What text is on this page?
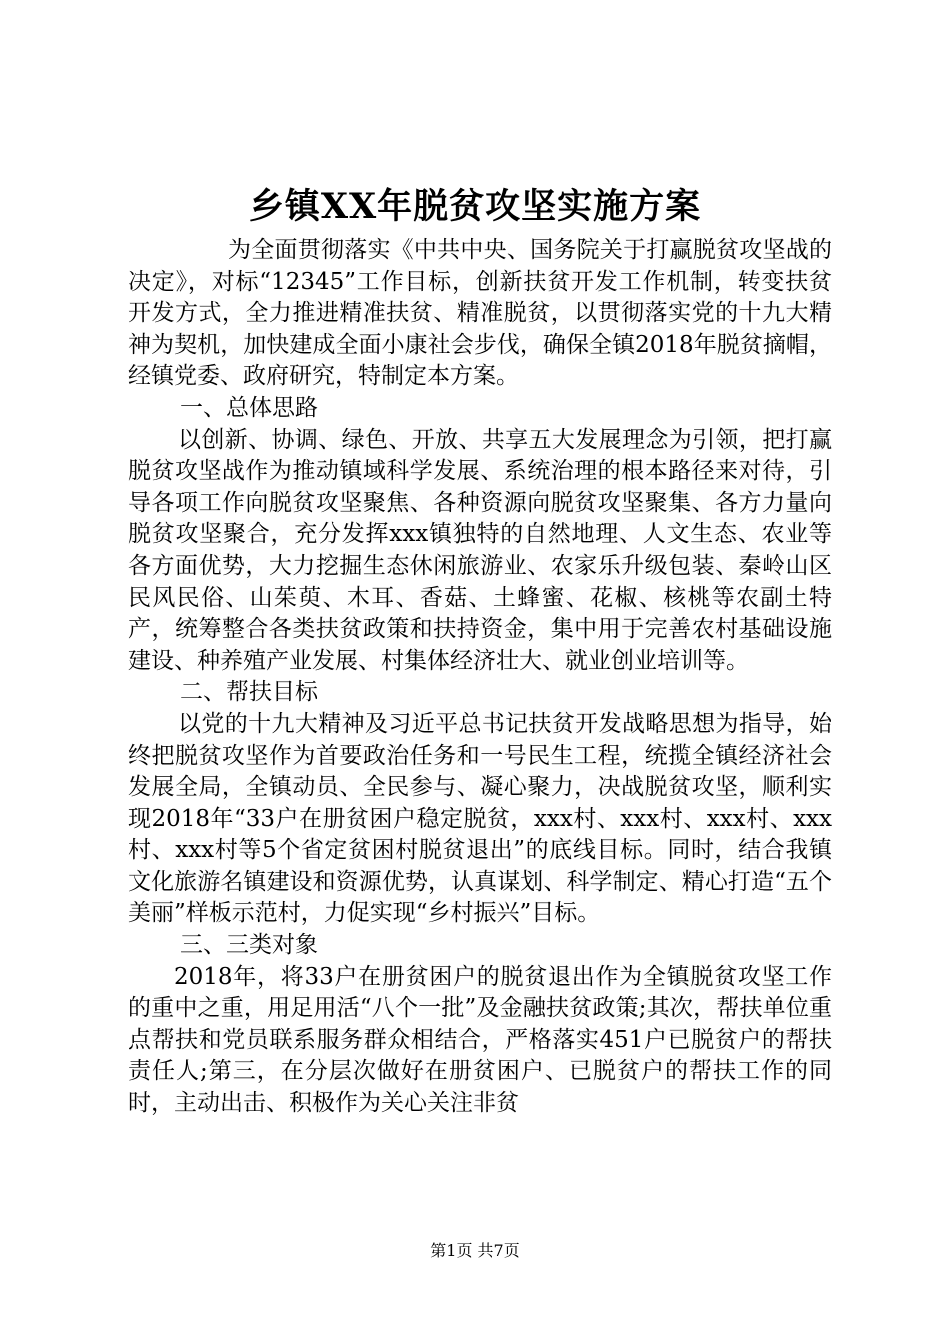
乡镇XX年脱贫攻坚实施方案

为全面贯彻落实《中共中央、国务院关于打赢脱贫攻坚战的决定》，对标“12345”工作目标，创新扶贫开发工作机制，转变扶贫开发方式，全力推进精准扶贫、精准脱贫，以贯彻落实党的十九大精神为契机，加快建成全面小康社会步伐，确保全镇2018年脱贫摘帽，经镇党委、政府研究，特制定本方案。

一、总体思路

以创新、协调、绿色、开放、共享五大发展理念为引领，把打赢脱贫攻坚战作为推动镇域科学发展、系统治理的根本路径来对待，引导各项工作向脱贫攻坚聚焦、各种资源向脱贫攻坚聚集、各方力量向脱贫攻坚聚合，充分发挥xxx镇独特的自然地理、人文生态、农业等各方面优势，大力挖掘生态休闲旅游业、农家乐升级包装、秦岭山区民风民俗、山茱萸、木耳、香菇、土蜂蜜、花椒、核桃等农副土特产，统筹整合各类扶贫政策和扶持资金，集中用于完善农村基础设施建设、种养殖产业发展、村集体经济壮大、就业创业培训等。

二、帮扶目标

以党的十九大精神及习近平总书记扶贫开发战略思想为指导，始终把脱贫攻坚作为首要政治任务和一号民生工程，统揽全镇经济社会发展全局，全镇动员、全民参与、凝心聚力，决战脱贫攻坚，顺利实现2018年“33户在册贫困户稳定脱贫，xxx村、xxx村、xxx村、xxx村、xxx村等5个省定贫困村脱贫退出”的底线目标。同时，结合我镇文化旅游名镇建设和资源优势，认真谋划、科学制定、精心打造“五个美丽”样板示范村，力促实现“乡村振兴”目标。

三、三类对象

2018年，将33户在册贫困户的脱贫退出作为全镇脱贫攻坚工作的重中之重，用足用活“八个一批”及金融扶贫政策;其次，帮扶单位重点帮扶和党员联系服务群众相结合，严格落实451户已脱贫户的帮扶责任人;第三，在分层次做好在册贫困户、已脱贫户的帮扶工作的同时，主动出击、积极作为关心关注非贫

第1页 共7页
